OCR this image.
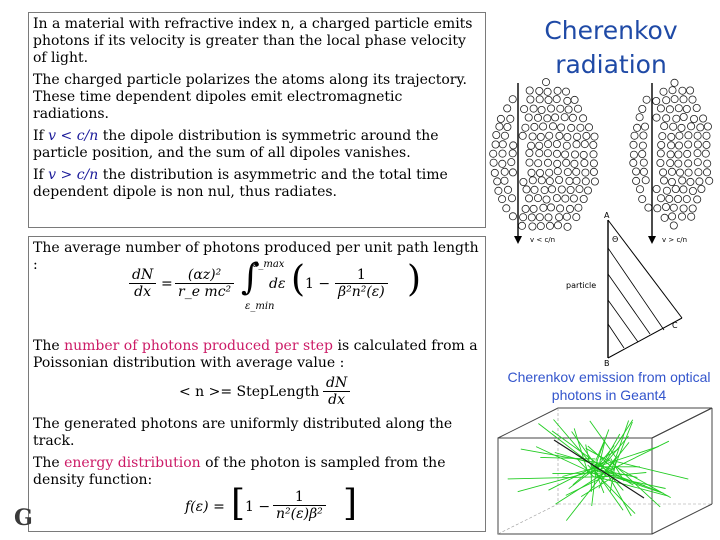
Cherenkov radiation

In a material with refractive index n, a charged particle emits photons if its velocity is greater than the local phase velocity of light.

The charged particle polarizes the atoms along its trajectory. These time dependent dipoles emit electromagnetic radiations.

If v < c/n the dipole distribution is symmetric around the particle position, and the sum of all dipoles vanishes.

If v > c/n the distribution is asymmetric and the total time dependent dipole is non nul, thus radiates.

The average number of photons produced per unit path length :

$\frac{dN}{dx} = \frac{\text{(αz)²}}{\text{r\_e mc²}}$ ∫
ε_max
ε_min
dε ( $1 - \frac{1}{\text{β²n²(ε)}}$ )

The number of photons produced per step is calculated from a Poissonian distribution with average value :

< n >= StepLength $\frac{dN}{dx}$

The generated photons are uniformly distributed along the track.

The energy distribution of the photon is sampled from the density function:

f(ε) = [ $1 - \frac{1}{\text{n²(ε)β²}}$ ]
G
v < c/n	v > c/n
A
B
C
Θ
particle
Cherenkov emission from optical photons in Geant4
